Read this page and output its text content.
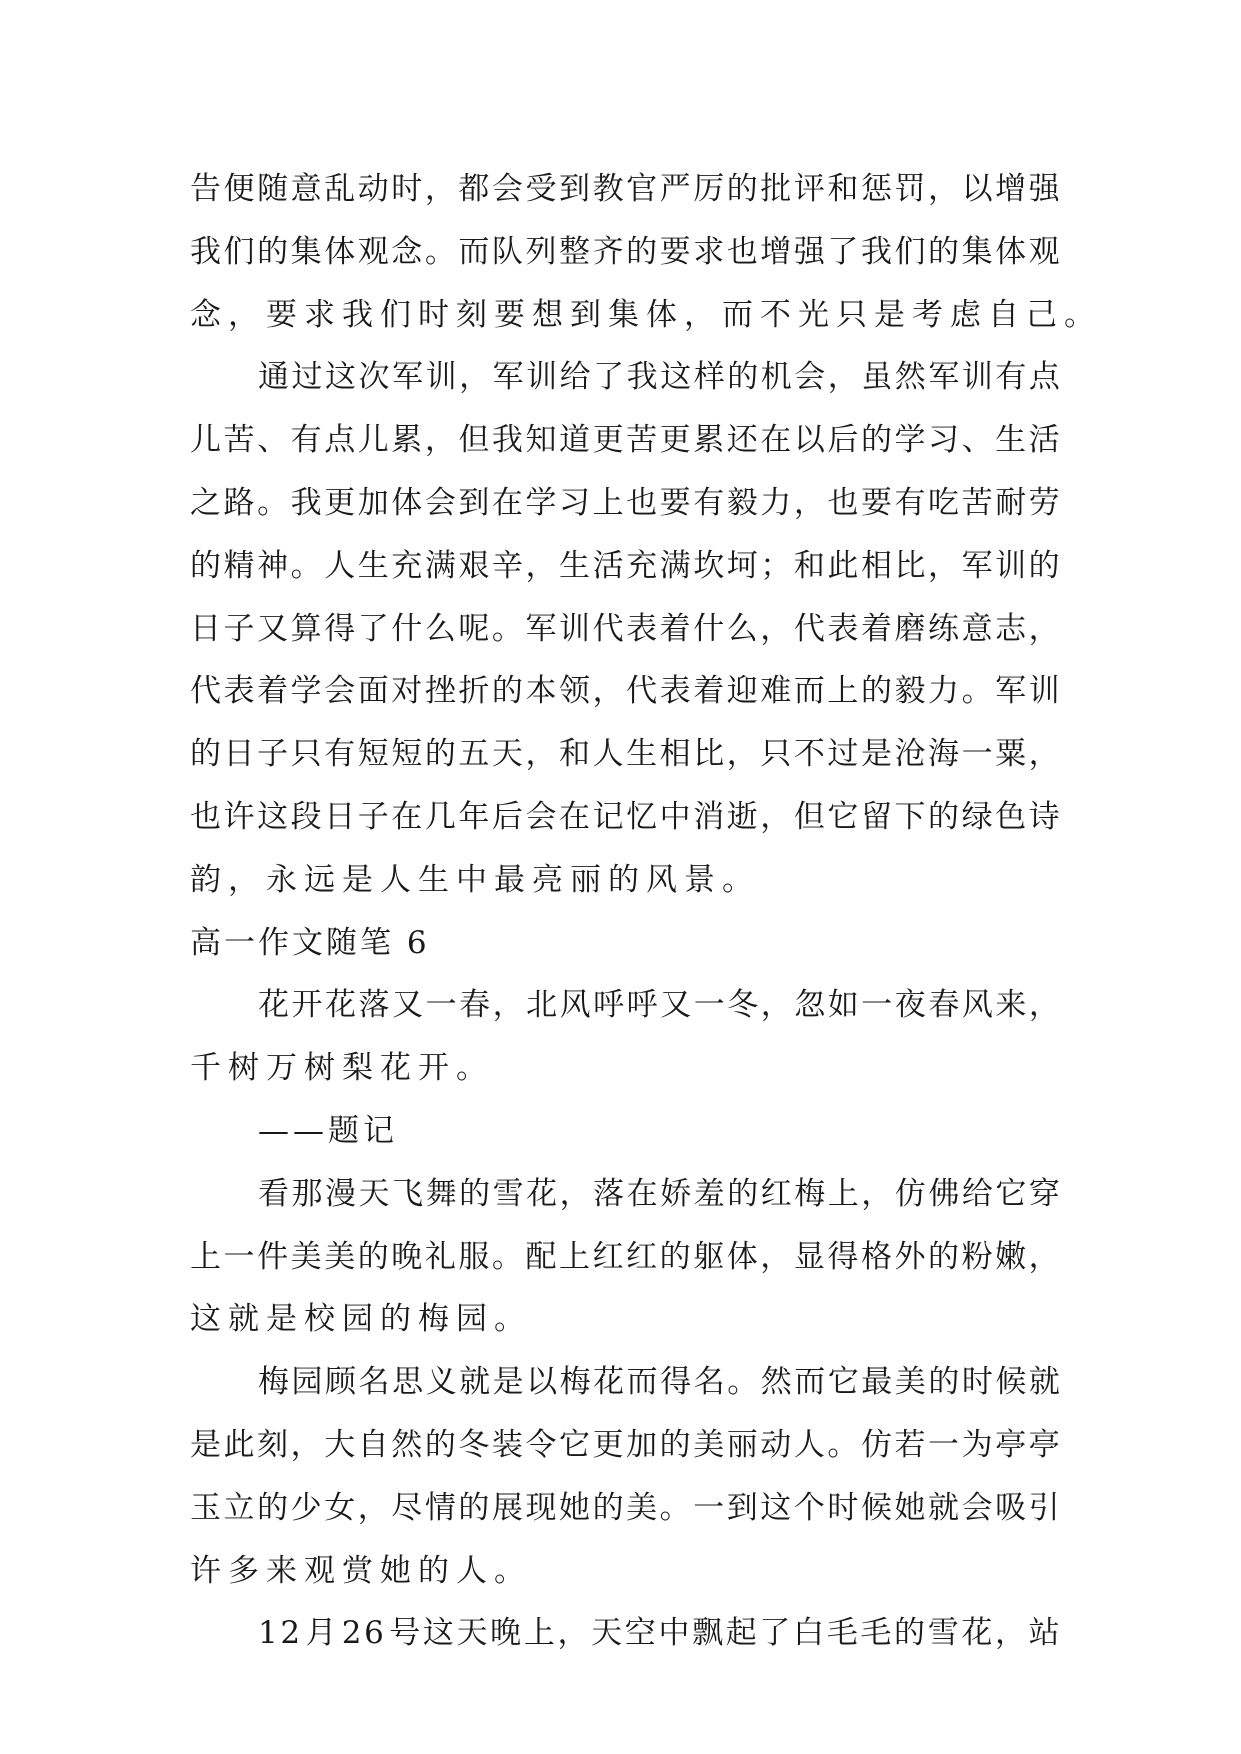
告 便 随 意 乱 动 时 ， 都 会 受 到 教 官 严 厉 的 批 评 和 惩 罚 ， 以 增 强
我 们 的 集 体 观 念 。 而 队 列 整 齐 的 要 求 也 增 强 了 我 们 的 集 体 观
念，要求我们时刻要想到集体，而不光只是考虑自己。
通 过 这 次 军 训 ， 军 训 给 了 我 这 样 的 机 会 ， 虽 然 军 训 有 点
儿 苦 、 有 点 儿 累 ， 但 我 知 道 更 苦 更 累 还 在 以 后 的 学 习 、 生 活
之 路 。 我 更 加 体 会 到 在 学 习 上 也 要 有 毅 力 ， 也 要 有 吃 苦 耐 劳
的 精 神 。 人 生 充 满 艰 辛 ， 生 活 充 满 坎 坷 ； 和 此 相 比 ， 军 训 的
日 子 又 算 得 了 什 么 呢 。 军 训 代 表 着 什 么 ， 代 表 着 磨 练 意 志 ，
代 表 着 学 会 面 对 挫 折 的 本 领 ， 代 表 着 迎 难 而 上 的 毅 力 。 军 训
的 日 子 只 有 短 短 的 五 天 ， 和 人 生 相 比 ， 只 不 过 是 沧 海 一 粟 ，
也 许 这 段 日 子 在 几 年 后 会 在 记 忆 中 消 逝 ， 但 它 留 下 的 绿 色 诗
韵，永远是人生中最亮丽的风景。
高一作文随笔 6
花 开 花 落 又 一 春 ， 北 风 呼 呼 又 一 冬 ， 忽 如 一 夜 春 风 来 ，
千树万树梨花开。
——题记
看 那 漫 天 飞 舞 的 雪 花 ， 落 在 娇 羞 的 红 梅 上 ， 仿 佛 给 它 穿
上 一 件 美 美 的 晚 礼 服 。 配 上 红 红 的 躯 体 ， 显 得 格 外 的 粉 嫩 ，
这就是校园的梅园。
梅 园 顾 名 思 义 就 是 以 梅 花 而 得 名 。 然 而 它 最 美 的 时 候 就
是 此 刻 ， 大 自 然 的 冬 装 令 它 更 加 的 美 丽 动 人 。 仿 若 一 为 亭 亭
玉 立 的 少 女 ， 尽 情 的 展 现 她 的 美 。 一 到 这 个 时 候 她 就 会 吸 引
许多来观赏她的人。
1 2 月 2 6 号 这 天 晚 上 ， 天 空 中 飘 起 了 白 毛 毛 的 雪 花 ， 站
